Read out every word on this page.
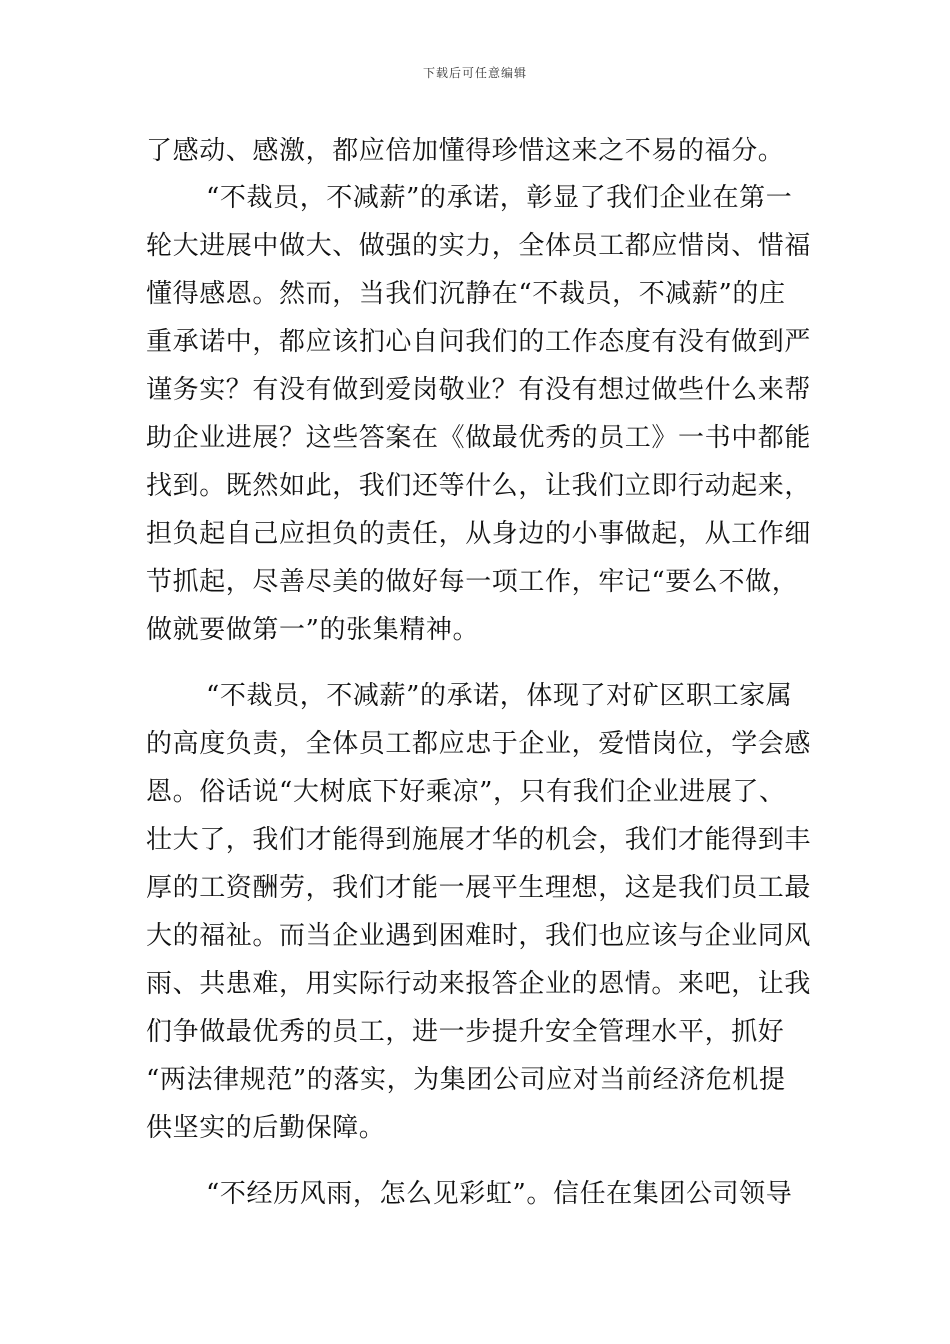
下载后可任意编辑
了感动、感激，都应倍加懂得珍惜这来之不易的福分。
“不裁员，不减薪”的承诺，彰显了我们企业在第一
轮大进展中做大、做强的实力，全体员工都应惜岗、惜福
懂得感恩。然而，当我们沉静在“不裁员，不减薪”的庄
重承诺中，都应该扪心自问我们的工作态度有没有做到严
谨务实？有没有做到爱岗敬业？有没有想过做些什么来帮
助企业进展？这些答案在《做最优秀的员工》一书中都能
找到。既然如此，我们还等什么，让我们立即行动起来，
担负起自己应担负的责任，从身边的小事做起，从工作细
节抓起，尽善尽美的做好每一项工作，牢记“要么不做，
做就要做第一”的张集精神。
“不裁员，不减薪”的承诺，体现了对矿区职工家属
的高度负责，全体员工都应忠于企业，爱惜岗位，学会感
恩。俗话说“大树底下好乘凉”，只有我们企业进展了、
壮大了，我们才能得到施展才华的机会，我们才能得到丰
厚的工资酬劳，我们才能一展平生理想，这是我们员工最
大的福祉。而当企业遇到困难时，我们也应该与企业同风
雨、共患难，用实际行动来报答企业的恩情。来吧，让我
们争做最优秀的员工，进一步提升安全管理水平，抓好
“两法律规范”的落实，为集团公司应对当前经济危机提
供坚实的后勤保障。
“不经历风雨，怎么见彩虹”。信任在集团公司领导
